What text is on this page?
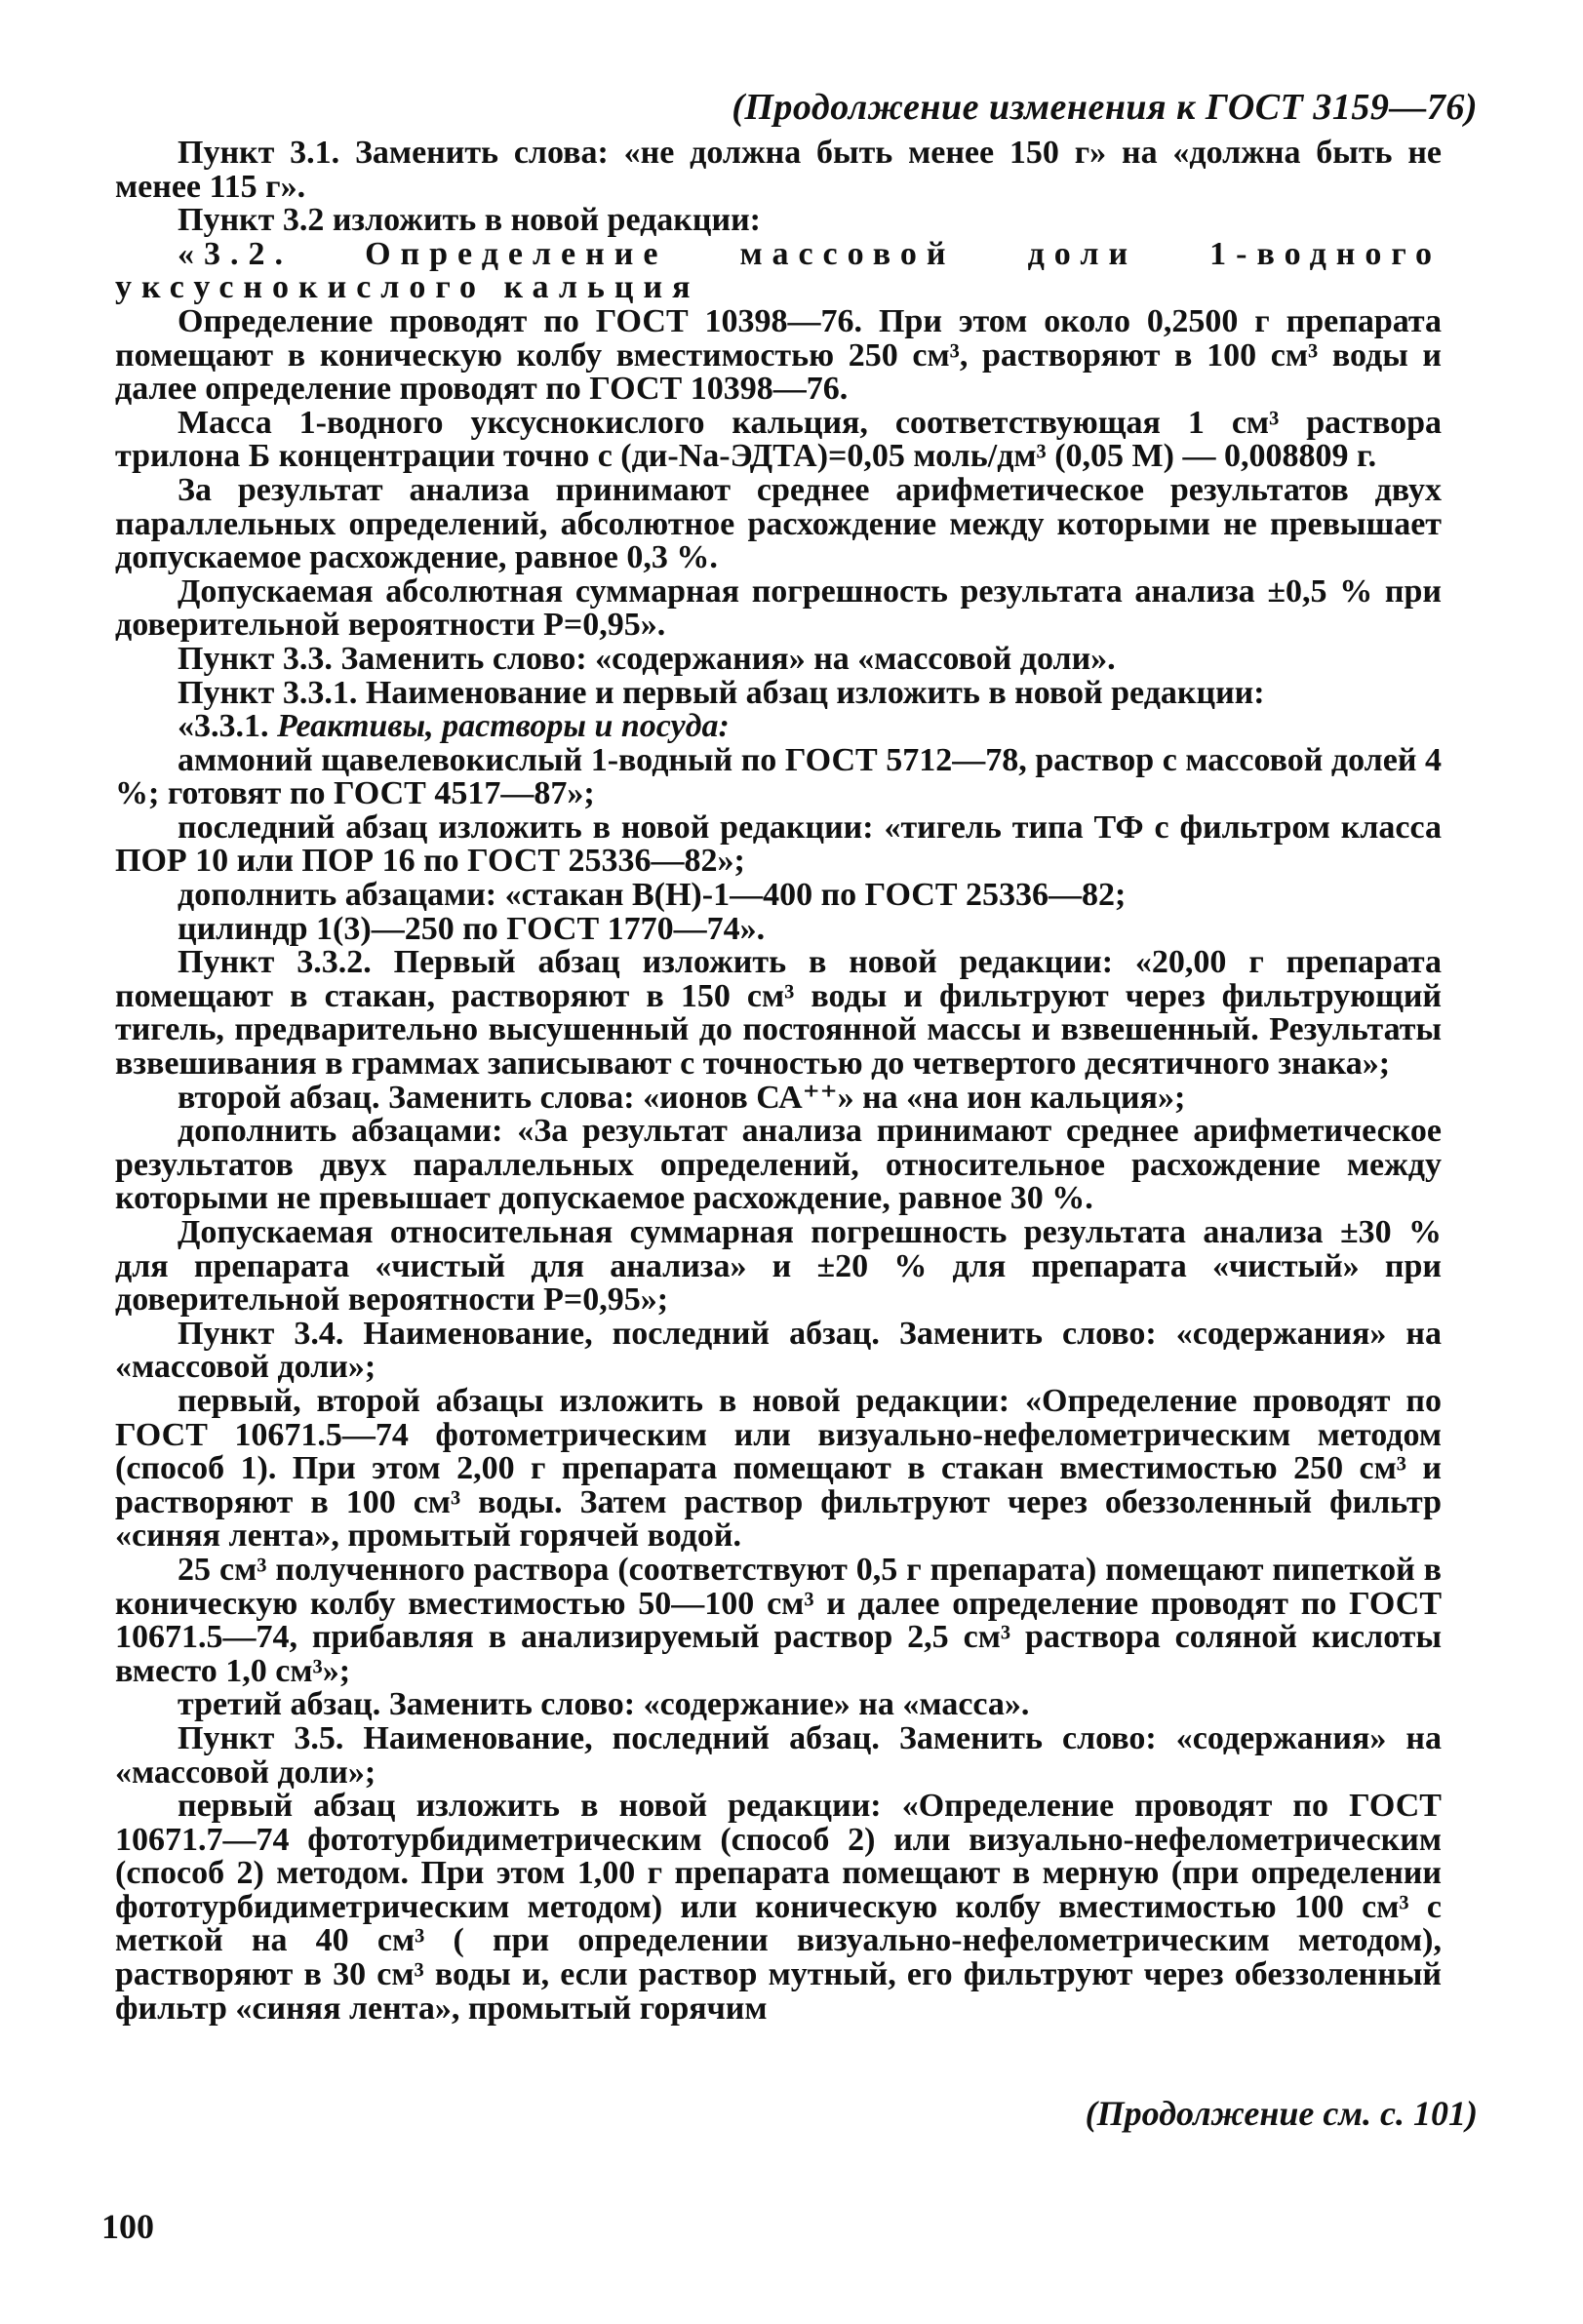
(Продолжение изменения к ГОСТ 3159—76)

Пункт 3.1. Заменить слова: «не должна быть менее 150 г» на «должна быть не менее 115 г».

Пункт 3.2 изложить в новой редакции:

«3.2. Определение массовой доли 1-водного уксуснокислого кальция

Определение проводят по ГОСТ 10398—76. При этом около 0,2500 г препарата помещают в коническую колбу вместимостью 250 см³, растворяют в 100 см³ воды и далее определение проводят по ГОСТ 10398—76.

Масса 1-водного уксуснокислого кальция, соответствующая 1 см³ раствора трилона Б концентрации точно с (ди-Na-ЭДТА)=0,05 моль/дм³ (0,05 М) — 0,008809 г.

За результат анализа принимают среднее арифметическое результатов двух параллельных определений, абсолютное расхождение между которыми не превышает допускаемое расхождение, равное 0,3 %.

Допускаемая абсолютная суммарная погрешность результата анализа ±0,5 % при доверительной вероятности Р=0,95».

Пункт 3.3. Заменить слово: «содержания» на «массовой доли».

Пункт 3.3.1. Наименование и первый абзац изложить в новой редакции:

«3.3.1. Реактивы, растворы и посуда:

аммоний щавелевокислый 1-водный по ГОСТ 5712—78, раствор с массовой долей 4 %; готовят по ГОСТ 4517—87»;

последний абзац изложить в новой редакции: «тигель типа ТФ с фильтром класса ПОР 10 или ПОР 16 по ГОСТ 25336—82»;

дополнить абзацами: «стакан В(Н)-1—400 по ГОСТ 25336—82;

цилиндр 1(3)—250 по ГОСТ 1770—74».

Пункт 3.3.2. Первый абзац изложить в новой редакции: «20,00 г препарата помещают в стакан, растворяют в 150 см³ воды и фильтруют через фильтрующий тигель, предварительно высушенный до постоянной массы и взвешенный. Результаты взвешивания в граммах записывают с точностью до четвертого десятичного знака»;

второй абзац. Заменить слова: «ионов СА⁺⁺» на «на ион кальция»;

дополнить абзацами: «За результат анализа принимают среднее арифметическое результатов двух параллельных определений, относительное расхождение между которыми не превышает допускаемое расхождение, равное 30 %.

Допускаемая относительная суммарная погрешность результата анализа ±30 % для препарата «чистый для анализа» и ±20 % для препарата «чистый» при доверительной вероятности Р=0,95»;

Пункт 3.4. Наименование, последний абзац. Заменить слово: «содержания» на «массовой доли»;

первый, второй абзацы изложить в новой редакции: «Определение проводят по ГОСТ 10671.5—74 фотометрическим или визуально-нефелометрическим методом (способ 1). При этом 2,00 г препарата помещают в стакан вместимостью 250 см³ и растворяют в 100 см³ воды. Затем раствор фильтруют через обеззоленный фильтр «синяя лента», промытый горячей водой.

25 см³ полученного раствора (соответствуют 0,5 г препарата) помещают пипеткой в коническую колбу вместимостью 50—100 см³ и далее определение проводят по ГОСТ 10671.5—74, прибавляя в анализируемый раствор 2,5 см³ раствора соляной кислоты вместо 1,0 см³»;

третий абзац. Заменить слово: «содержание» на «масса».

Пункт 3.5. Наименование, последний абзац. Заменить слово: «содержания» на «массовой доли»;

первый абзац изложить в новой редакции: «Определение проводят по ГОСТ 10671.7—74 фототурбидиметрическим (способ 2) или визуально-нефелометрическим (способ 2) методом. При этом 1,00 г препарата помещают в мерную (при определении фототурбидиметрическим методом) или коническую колбу вместимостью 100 см³ с меткой на 40 см³ ( при определении визуально-нефелометрическим методом), растворяют в 30 см³ воды и, если раствор мутный, его фильтруют через обеззоленный фильтр «синяя лента», промытый горячим

(Продолжение см. с. 101)
100
